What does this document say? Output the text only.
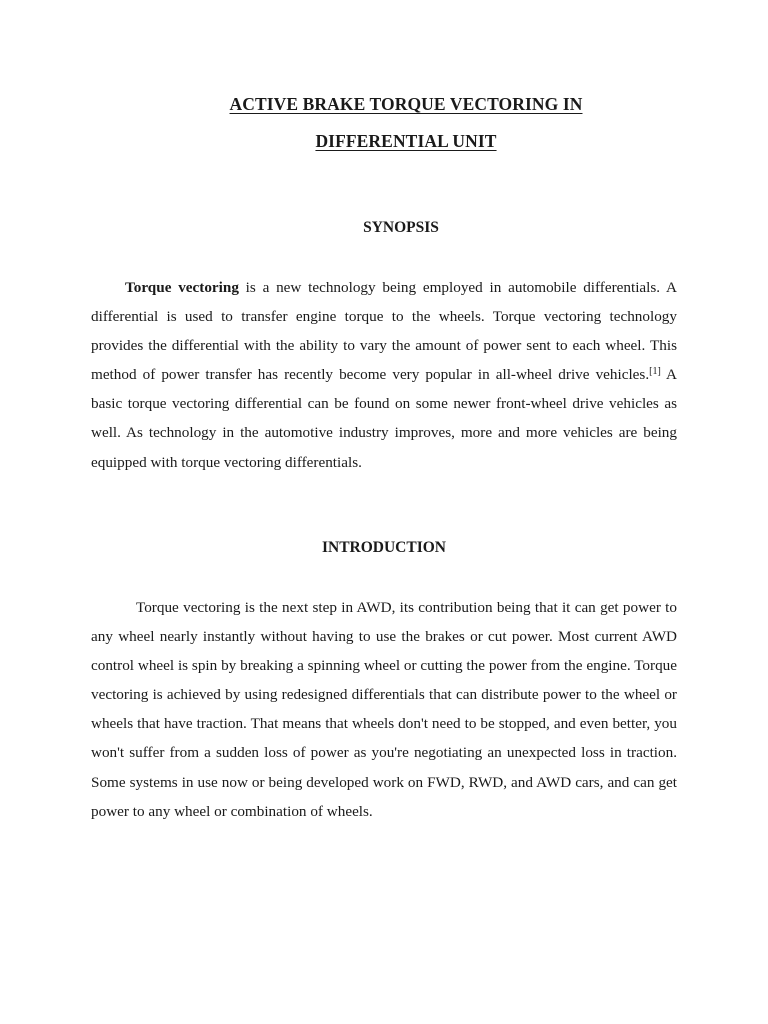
ACTIVE BRAKE TORQUE VECTORING IN
DIFFERENTIAL UNIT
SYNOPSIS
Torque vectoring is a new technology being employed in automobile differentials. A differential is used to transfer engine torque to the wheels. Torque vectoring technology provides the differential with the ability to vary the amount of power sent to each wheel. This method of power transfer has recently become very popular in all-wheel drive vehicles.[1] A basic torque vectoring differential can be found on some newer front-wheel drive vehicles as well. As technology in the automotive industry improves, more and more vehicles are being equipped with torque vectoring differentials.
INTRODUCTION
Torque vectoring is the next step in AWD, its contribution being that it can get power to any wheel nearly instantly without having to use the brakes or cut power. Most current AWD control wheel is spin by breaking a spinning wheel or cutting the power from the engine. Torque vectoring is achieved by using redesigned differentials that can distribute power to the wheel or wheels that have traction. That means that wheels don't need to be stopped, and even better, you won't suffer from a sudden loss of power as you're negotiating an unexpected loss in traction. Some systems in use now or being developed work on FWD, RWD, and AWD cars, and can get power to any wheel or combination of wheels.
